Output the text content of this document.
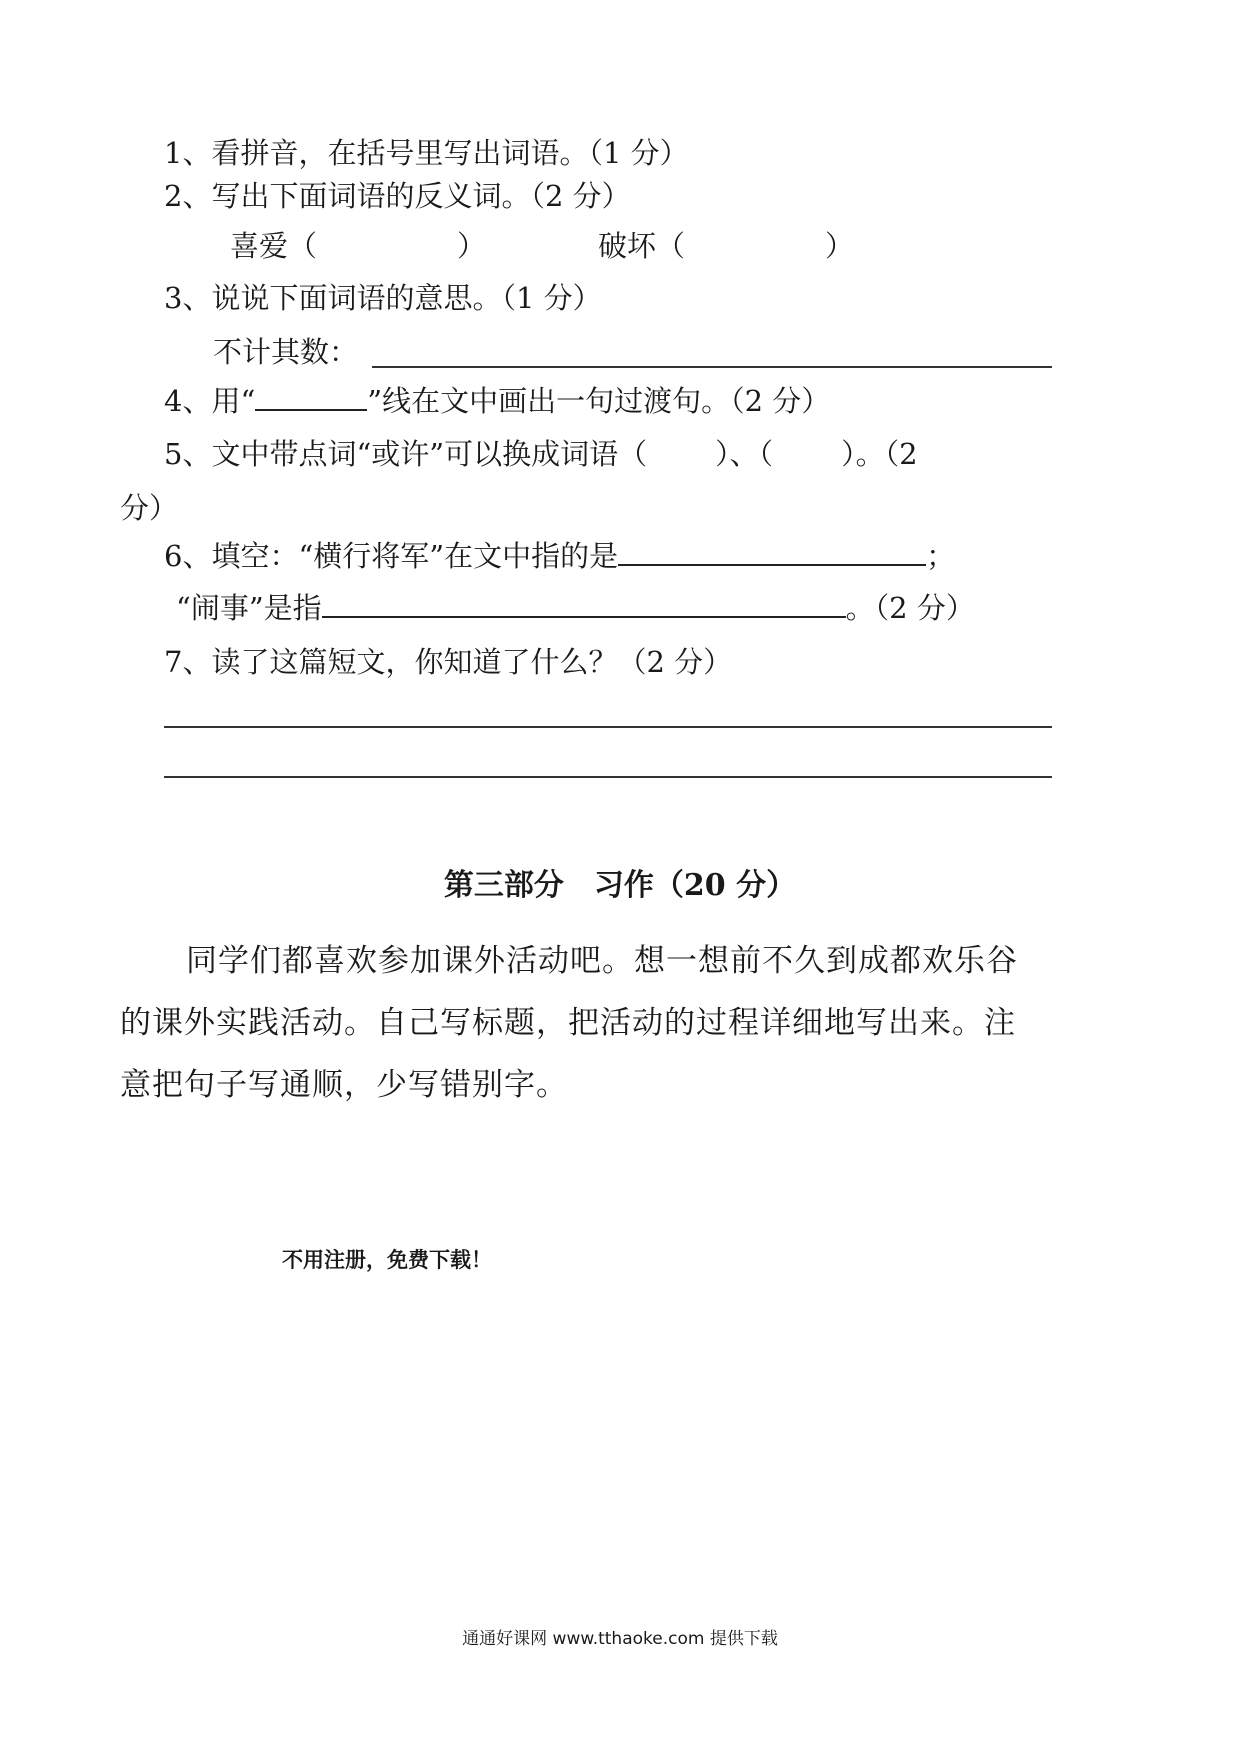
1、看拼音，在括号里写出词语。（1 分）
2、写出下面词语的反义词。（2 分）
喜爱（	）	破坏（	）
3、说说下面词语的意思。（1 分）
不计其数：
4、用“	”线在文中画出一句过渡句。（2 分）
5、文中带点词“或许”可以换成词语（ ）、（ ）。（2
分）
6、填空：“横行将军”在文中指的是	；
“闹事”是指	。（2 分）
7、读了这篇短文，你知道了什么？（2 分）
第三部分　习作（20 分）
同学们都喜欢参加课外活动吧。想一想前不久到成都欢乐谷的课外实践活动。自己写标题，把活动的过程详细地写出来。注意把句子写通顺，少写错别字。
不用注册，免费下载！
通通好课网 www.tthaoke.com 提供下载
